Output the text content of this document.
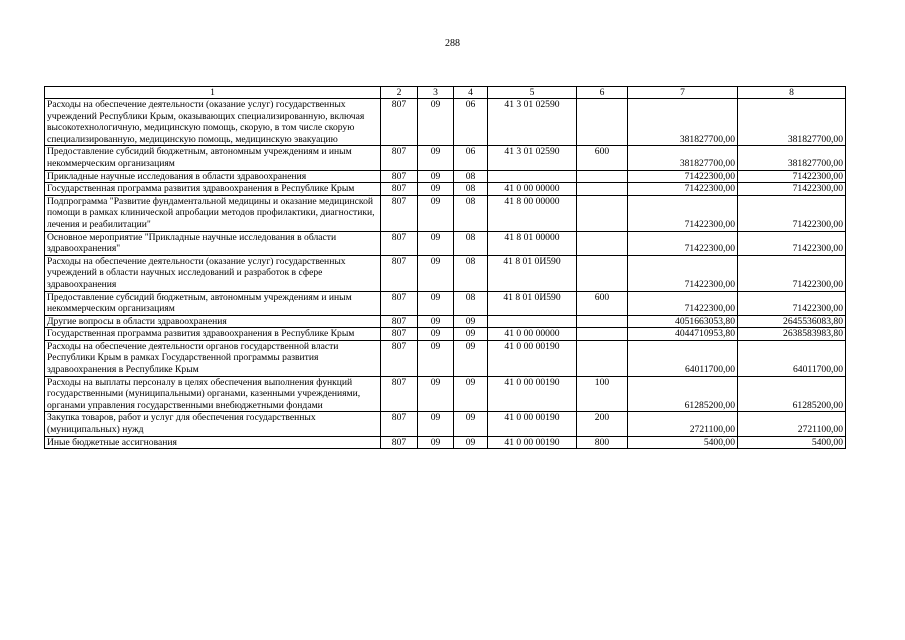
288
1	2	3	4	5	6	7	8
Расходы на обеспечение деятельности (оказание услуг) государственных учреждений Республики Крым, оказывающих специализированную, включая высокотехнологичную, медицинскую помощь, скорую, в том числе скорую специализированную, медицинскую помощь, медицинскую эвакуацию	807	09	06	41 3 01 02590		381827700,00	381827700,00
Предоставление субсидий бюджетным, автономным учреждениям и иным некоммерческим организациям	807	09	06	41 3 01 02590	600	381827700,00	381827700,00
Прикладные научные исследования в области здравоохранения	807	09	08			71422300,00	71422300,00
Государственная программа развития здравоохранения в Республике Крым	807	09	08	41 0 00 00000		71422300,00	71422300,00
Подпрограмма "Развитие фундаментальной медицины и оказание медицинской помощи в рамках клинической апробации методов профилактики, диагностики, лечения и реабилитации"	807	09	08	41 8 00 00000		71422300,00	71422300,00
Основное мероприятие "Прикладные научные исследования в области здравоохранения"	807	09	08	41 8 01 00000		71422300,00	71422300,00
Расходы на обеспечение деятельности (оказание услуг) государственных учреждений в области научных исследований и разработок в сфере здравоохранения	807	09	08	41 8 01 0И590		71422300,00	71422300,00
Предоставление субсидий бюджетным, автономным учреждениям и иным некоммерческим организациям	807	09	08	41 8 01 0И590	600	71422300,00	71422300,00
Другие вопросы в области здравоохранения	807	09	09			4051663053,80	2645536083,80
Государственная программа развития здравоохранения в Республике Крым	807	09	09	41 0 00 00000		4044710953,80	2638583983,80
Расходы на обеспечение деятельности органов государственной власти Республики Крым в рамках Государственной программы развития здравоохранения в Республике Крым	807	09	09	41 0 00 00190		64011700,00	64011700,00
Расходы на выплаты персоналу в целях обеспечения выполнения функций государственными (муниципальными) органами, казенными учреждениями, органами управления государственными внебюджетными фондами	807	09	09	41 0 00 00190	100	61285200,00	61285200,00
Закупка товаров, работ и услуг для обеспечения государственных (муниципальных) нужд	807	09	09	41 0 00 00190	200	2721100,00	2721100,00
Иные бюджетные ассигнования	807	09	09	41 0 00 00190	800	5400,00	5400,00
